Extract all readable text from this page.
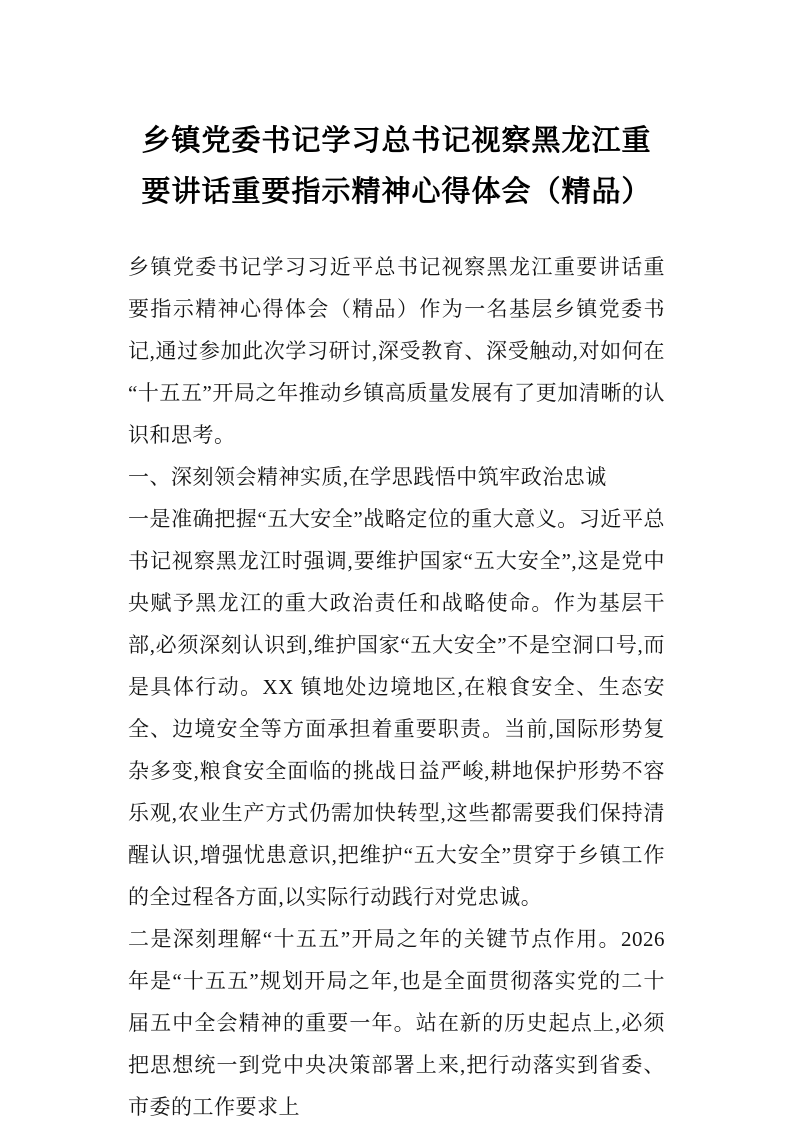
乡镇党委书记学习总书记视察黑龙江重要讲话重要指示精神心得体会（精品）

乡镇党委书记学习习近平总书记视察黑龙江重要讲话重要指示精神心得体会（精品）作为一名基层乡镇党委书记,通过参加此次学习研讨,深受教育、深受触动,对如何在“十五五”开局之年推动乡镇高质量发展有了更加清晰的认识和思考。

一、深刻领会精神实质,在学思践悟中筑牢政治忠诚

一是准确把握“五大安全”战略定位的重大意义。习近平总书记视察黑龙江时强调,要维护国家“五大安全”,这是党中央赋予黑龙江的重大政治责任和战略使命。作为基层干部,必须深刻认识到,维护国家“五大安全”不是空洞口号,而是具体行动。XX 镇地处边境地区,在粮食安全、生态安全、边境安全等方面承担着重要职责。当前,国际形势复杂多变,粮食安全面临的挑战日益严峻,耕地保护形势不容乐观,农业生产方式仍需加快转型,这些都需要我们保持清醒认识,增强忧患意识,把维护“五大安全”贯穿于乡镇工作的全过程各方面,以实际行动践行对党忠诚。

二是深刻理解“十五五”开局之年的关键节点作用。2026 年是“十五五”规划开局之年,也是全面贯彻落实党的二十届五中全会精神的重要一年。站在新的历史起点上,必须把思想统一到党中央决策部署上来,把行动落实到省委、市委的工作要求上
